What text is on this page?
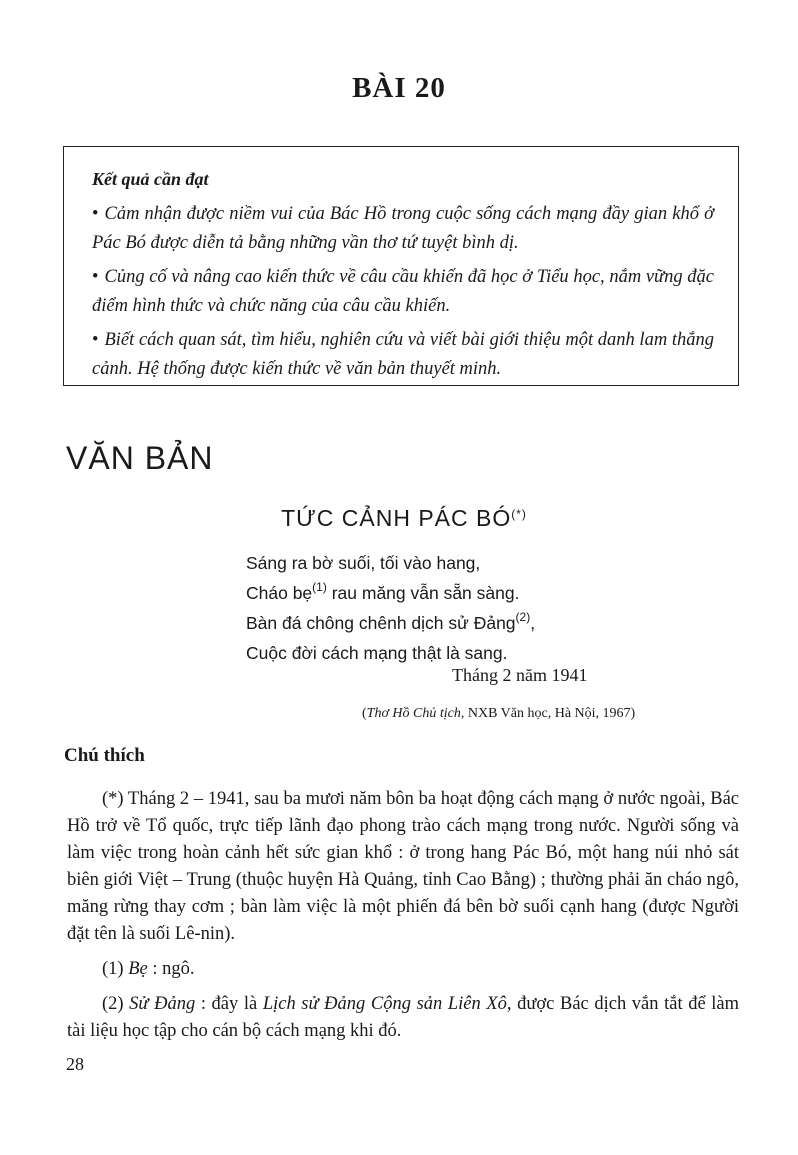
BÀI 20
Kết quả cần đạt
• Cảm nhận được niềm vui của Bác Hồ trong cuộc sống cách mạng đầy gian khổ ở Pác Bó được diễn tả bằng những vần thơ tứ tuyệt bình dị.
• Củng cố và nâng cao kiến thức về câu cầu khiến đã học ở Tiểu học, nắm vững đặc điểm hình thức và chức năng của câu cầu khiến.
• Biết cách quan sát, tìm hiểu, nghiên cứu và viết bài giới thiệu một danh lam thắng cảnh. Hệ thống được kiến thức về văn bản thuyết minh.
VĂN BẢN
TỨC CẢNH PÁC BÓ(*)
Sáng ra bờ suối, tối vào hang,
Cháo bẹ$^{(1)}$ rau măng vẫn sẵn sàng.
Bàn đá chông chênh dịch sử Đảng$^{(2)}$,
Cuộc đời cách mạng thật là sang.
Tháng 2 năm 1941
(Thơ Hồ Chủ tịch, NXB Văn học, Hà Nội, 1967)
Chú thích
(*) Tháng 2 – 1941, sau ba mươi năm bôn ba hoạt động cách mạng ở nước ngoài, Bác Hồ trở về Tổ quốc, trực tiếp lãnh đạo phong trào cách mạng trong nước. Người sống và làm việc trong hoàn cảnh hết sức gian khổ : ở trong hang Pác Bó, một hang núi nhỏ sát biên giới Việt – Trung (thuộc huyện Hà Quảng, tỉnh Cao Bằng) ; thường phải ăn cháo ngô, măng rừng thay cơm ; bàn làm việc là một phiến đá bên bờ suối cạnh hang (được Người đặt tên là suối Lê-nin).
(1) Bẹ : ngô.
(2) Sử Đảng : đây là Lịch sử Đảng Cộng sản Liên Xô, được Bác dịch vắn tắt để làm tài liệu học tập cho cán bộ cách mạng khi đó.
28
